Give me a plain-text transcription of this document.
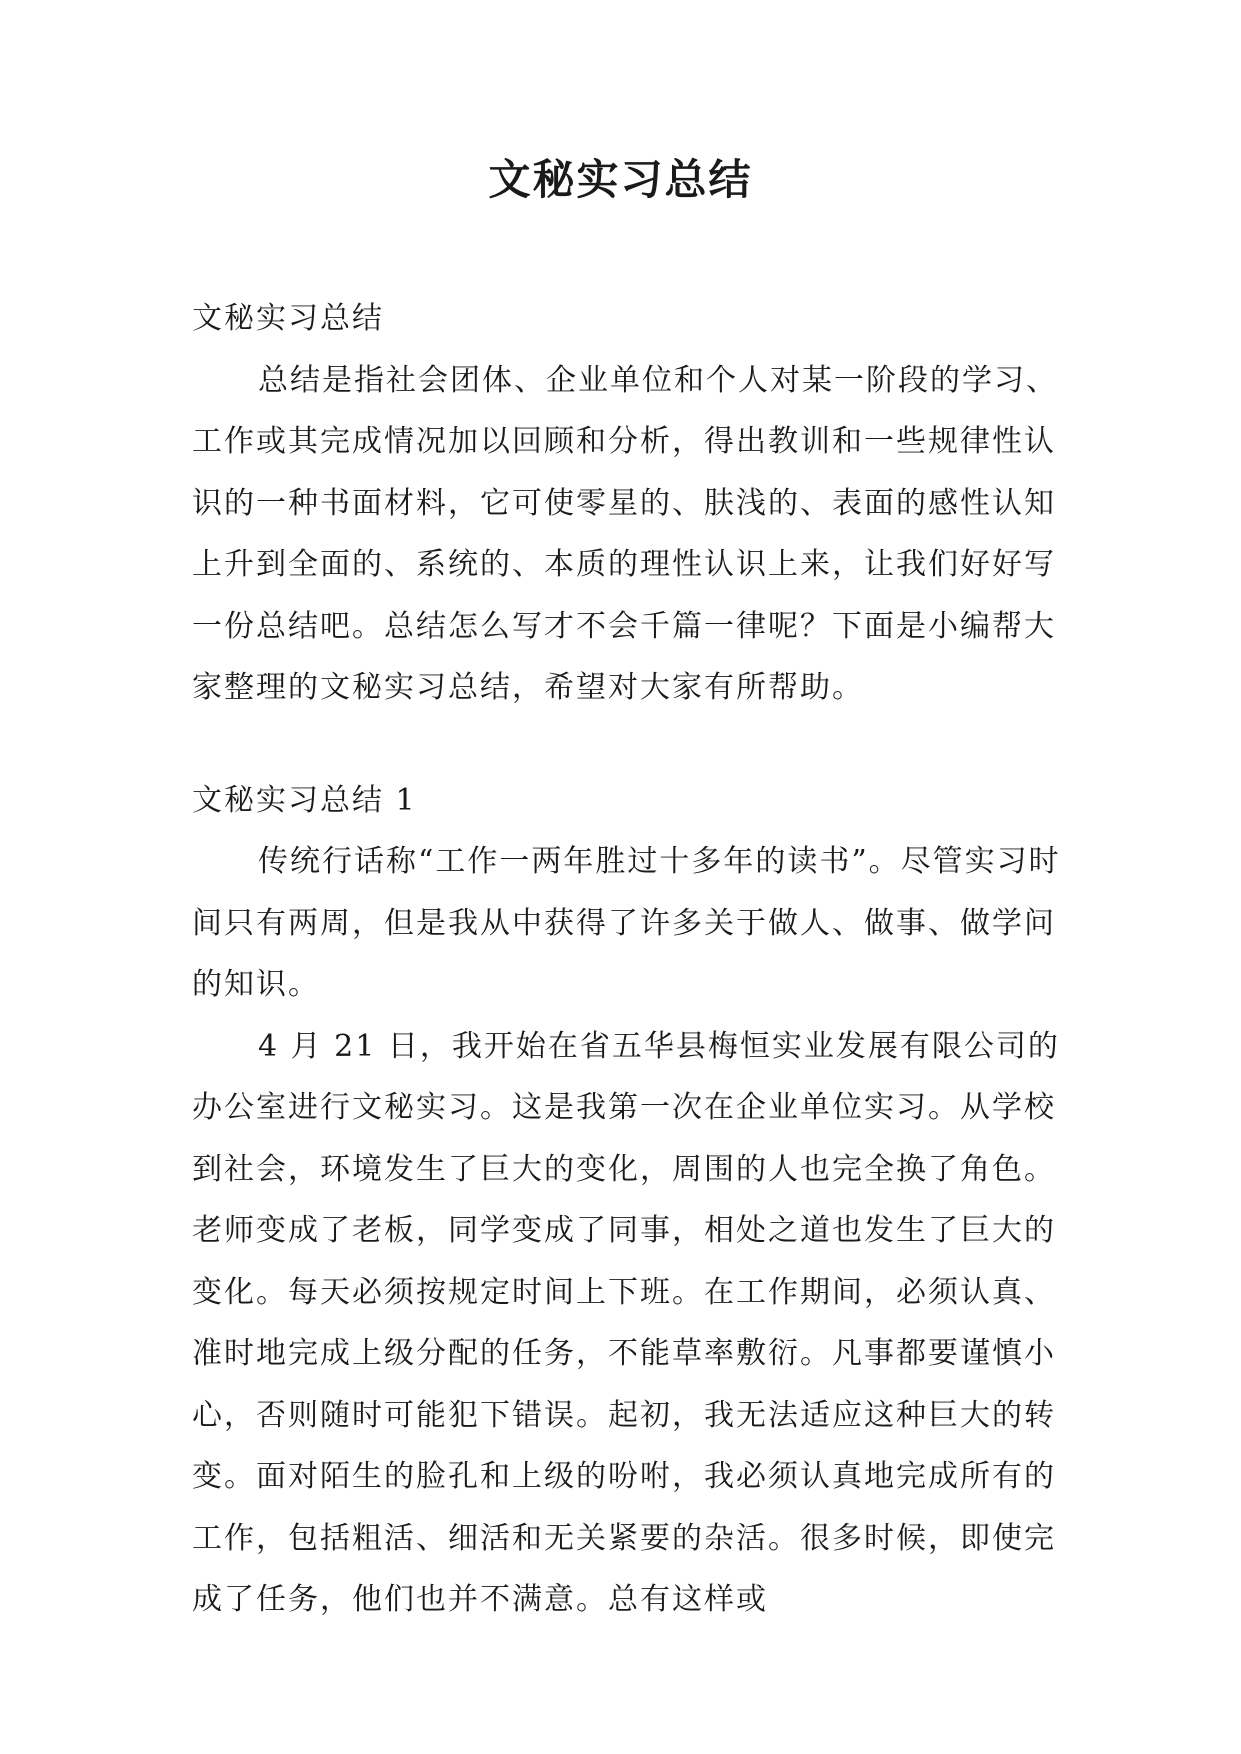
文秘实习总结

文秘实习总结

总结是指社会团体、企业单位和个人对某一阶段的学习、工作或其完成情况加以回顾和分析，得出教训和一些规律性认识的一种书面材料，它可使零星的、肤浅的、表面的感性认知上升到全面的、系统的、本质的理性认识上来，让我们好好写一份总结吧。总结怎么写才不会千篇一律呢？下面是小编帮大家整理的文秘实习总结，希望对大家有所帮助。

文秘实习总结 1

传统行话称“工作一两年胜过十多年的读书”。尽管实习时间只有两周，但是我从中获得了许多关于做人、做事、做学问的知识。

4 月 21 日，我开始在省五华县梅恒实业发展有限公司的办公室进行文秘实习。这是我第一次在企业单位实习。从学校到社会，环境发生了巨大的变化，周围的人也完全换了角色。老师变成了老板，同学变成了同事，相处之道也发生了巨大的变化。每天必须按规定时间上下班。在工作期间，必须认真、准时地完成上级分配的任务，不能草率敷衍。凡事都要谨慎小心，否则随时可能犯下错误。起初，我无法适应这种巨大的转变。面对陌生的脸孔和上级的吩咐，我必须认真地完成所有的工作，包括粗活、细活和无关紧要的杂活。很多时候，即使完成了任务，他们也并不满意。总有这样或
